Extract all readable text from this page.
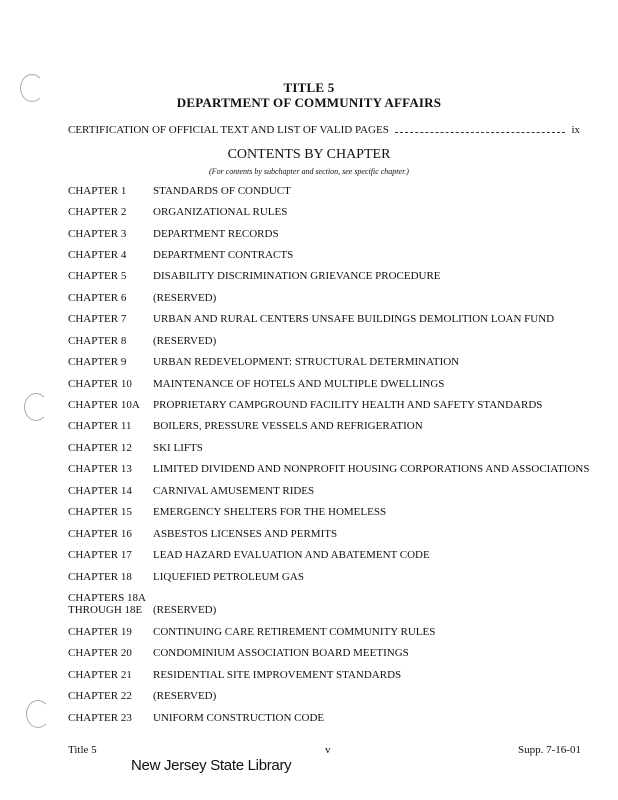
TITLE 5
DEPARTMENT OF COMMUNITY AFFAIRS
CERTIFICATION OF OFFICIAL TEXT AND LIST OF VALID PAGES	ix
CONTENTS BY CHAPTER
(For contents by subchapter and section, see specific chapter.)
CHAPTER 1	STANDARDS OF CONDUCT
CHAPTER 2	ORGANIZATIONAL RULES
CHAPTER 3	DEPARTMENT RECORDS
CHAPTER 4	DEPARTMENT CONTRACTS
CHAPTER 5	DISABILITY DISCRIMINATION GRIEVANCE PROCEDURE
CHAPTER 6	(RESERVED)
CHAPTER 7	URBAN AND RURAL CENTERS UNSAFE BUILDINGS DEMOLITION LOAN FUND
CHAPTER 8	(RESERVED)
CHAPTER 9	URBAN REDEVELOPMENT: STRUCTURAL DETERMINATION
CHAPTER 10	MAINTENANCE OF HOTELS AND MULTIPLE DWELLINGS
CHAPTER 10A	PROPRIETARY CAMPGROUND FACILITY HEALTH AND SAFETY STANDARDS
CHAPTER 11	BOILERS, PRESSURE VESSELS AND REFRIGERATION
CHAPTER 12	SKI LIFTS
CHAPTER 13	LIMITED DIVIDEND AND NONPROFIT HOUSING CORPORATIONS AND ASSOCIATIONS
CHAPTER 14	CARNIVAL AMUSEMENT RIDES
CHAPTER 15	EMERGENCY SHELTERS FOR THE HOMELESS
CHAPTER 16	ASBESTOS LICENSES AND PERMITS
CHAPTER 17	LEAD HAZARD EVALUATION AND ABATEMENT CODE
CHAPTER 18	LIQUEFIED PETROLEUM GAS
CHAPTERS 18A
THROUGH 18E (RESERVED)
CHAPTER 19	CONTINUING CARE RETIREMENT COMMUNITY RULES
CHAPTER 20	CONDOMINIUM ASSOCIATION BOARD MEETINGS
CHAPTER 21	RESIDENTIAL SITE IMPROVEMENT STANDARDS
CHAPTER 22	(RESERVED)
CHAPTER 23	UNIFORM CONSTRUCTION CODE
Title 5	v	Supp. 7-16-01
New Jersey State Library
